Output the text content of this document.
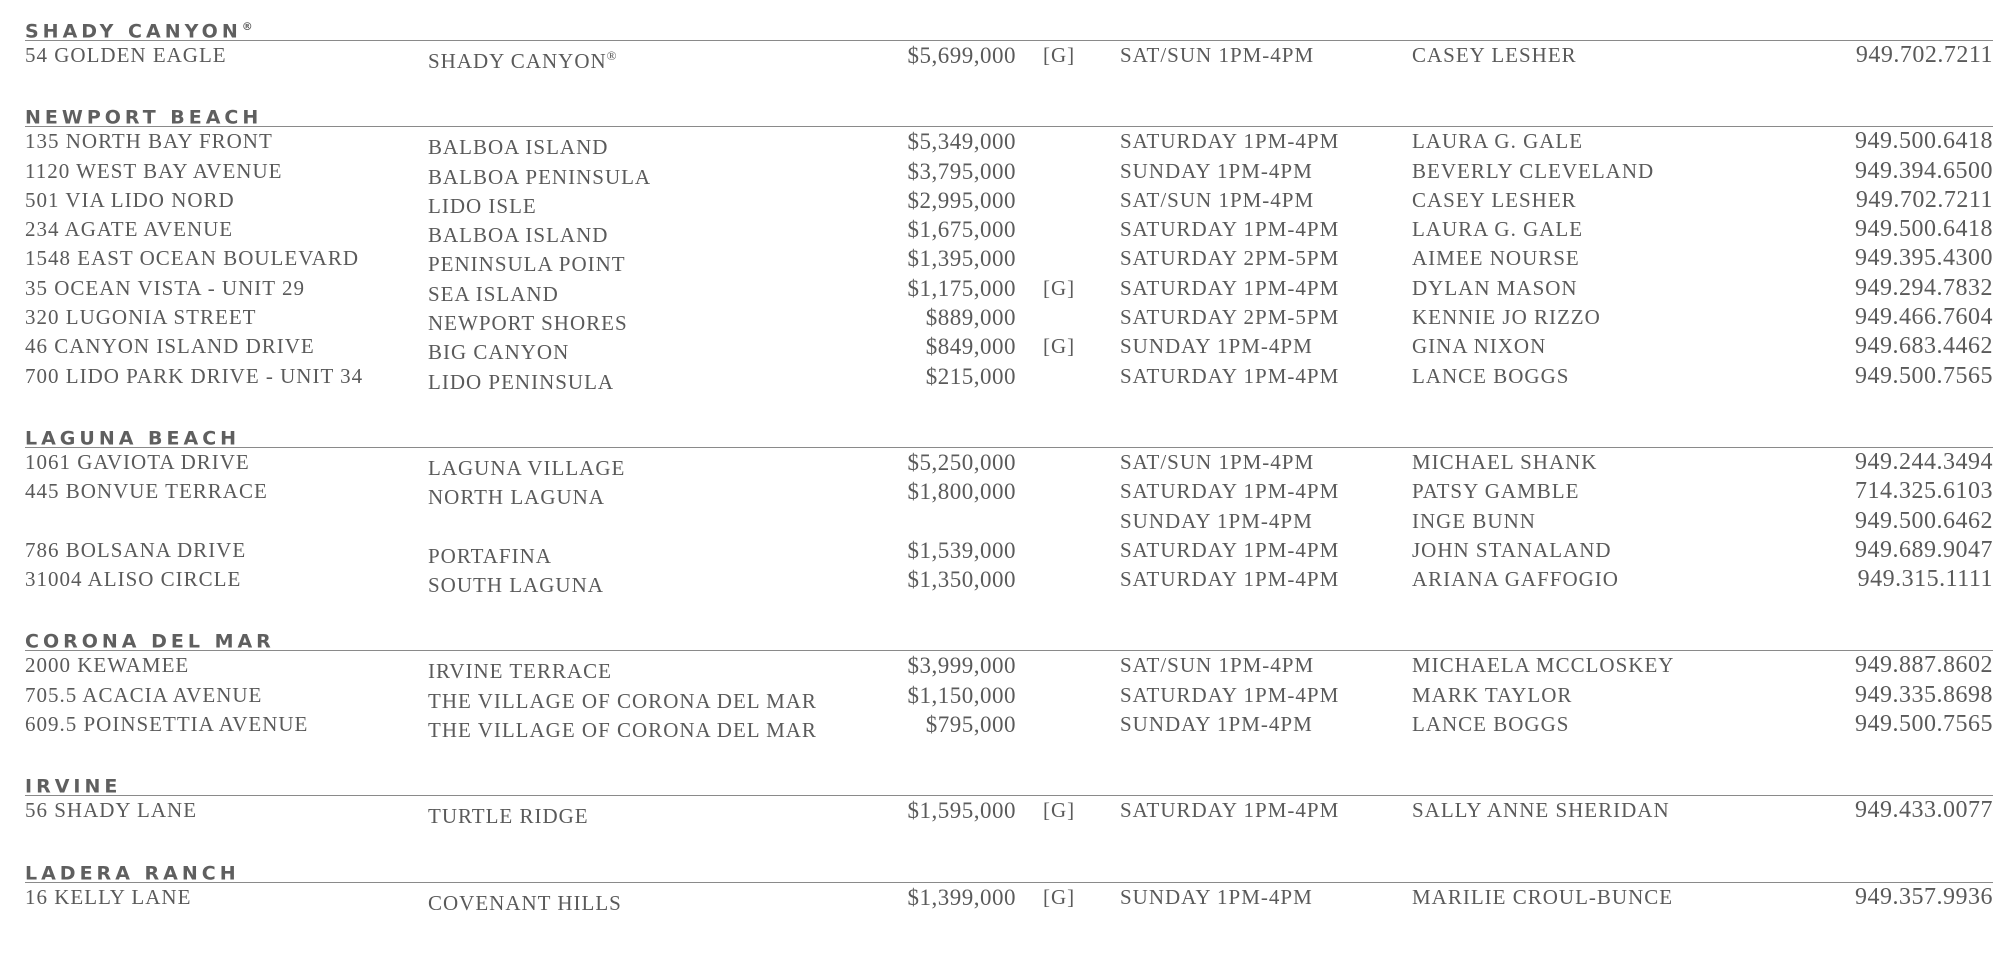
SHADY CANYON®
54 GOLDEN EAGLE	SHADY CANYON®	$5,699,000 [G] SAT/SUN 1PM-4PM	CASEY LESHER	949.702.7211
NEWPORT BEACH
135 NORTH BAY FRONT	BALBOA ISLAND	$5,349,000	SATURDAY 1PM-4PM	LAURA G. GALE	949.500.6418
1120 WEST BAY AVENUE	BALBOA PENINSULA	$3,795,000	SUNDAY 1PM-4PM	BEVERLY CLEVELAND	949.394.6500
501 VIA LIDO NORD	LIDO ISLE	$2,995,000	SAT/SUN 1PM-4PM	CASEY LESHER	949.702.7211
234 AGATE AVENUE	BALBOA ISLAND	$1,675,000	SATURDAY 1PM-4PM	LAURA G. GALE	949.500.6418
1548 EAST OCEAN BOULEVARD	PENINSULA POINT	$1,395,000	SATURDAY 2PM-5PM	AIMEE NOURSE	949.395.4300
35 OCEAN VISTA - UNIT 29	SEA ISLAND	$1,175,000 [G] SATURDAY 1PM-4PM	DYLAN MASON	949.294.7832
320 LUGONIA STREET	NEWPORT SHORES	$889,000	SATURDAY 2PM-5PM	KENNIE JO RIZZO	949.466.7604
46 CANYON ISLAND DRIVE	BIG CANYON	$849,000 [G] SUNDAY 1PM-4PM	GINA NIXON	949.683.4462
700 LIDO PARK DRIVE - UNIT 34	LIDO PENINSULA	$215,000	SATURDAY 1PM-4PM	LANCE BOGGS	949.500.7565
LAGUNA BEACH
1061 GAVIOTA DRIVE	LAGUNA VILLAGE	$5,250,000	SAT/SUN 1PM-4PM	MICHAEL SHANK	949.244.3494
445 BONVUE TERRACE	NORTH LAGUNA	$1,800,000	SATURDAY 1PM-4PM	PATSY GAMBLE	714.325.6103
SUNDAY 1PM-4PM	INGE BUNN	949.500.6462
786 BOLSANA DRIVE	PORTAFINA	$1,539,000	SATURDAY 1PM-4PM	JOHN STANALAND	949.689.9047
31004 ALISO CIRCLE	SOUTH LAGUNA	$1,350,000	SATURDAY 1PM-4PM	ARIANA GAFFOGIO	949.315.1111
CORONA DEL MAR
2000 KEWAMEE	IRVINE TERRACE	$3,999,000	SAT/SUN 1PM-4PM	MICHAELA MCCLOSKEY	949.887.8602
705.5 ACACIA AVENUE	THE VILLAGE OF CORONA DEL MAR	$1,150,000	SATURDAY 1PM-4PM	MARK TAYLOR	949.335.8698
609.5 POINSETTIA AVENUE	THE VILLAGE OF CORONA DEL MAR	$795,000	SUNDAY 1PM-4PM	LANCE BOGGS	949.500.7565
IRVINE
56 SHADY LANE	TURTLE RIDGE	$1,595,000 [G] SATURDAY 1PM-4PM	SALLY ANNE SHERIDAN	949.433.0077
LADERA RANCH
16 KELLY LANE	COVENANT HILLS	$1,399,000 [G] SUNDAY 1PM-4PM	MARILIE CROUL-BUNCE	949.357.9936
